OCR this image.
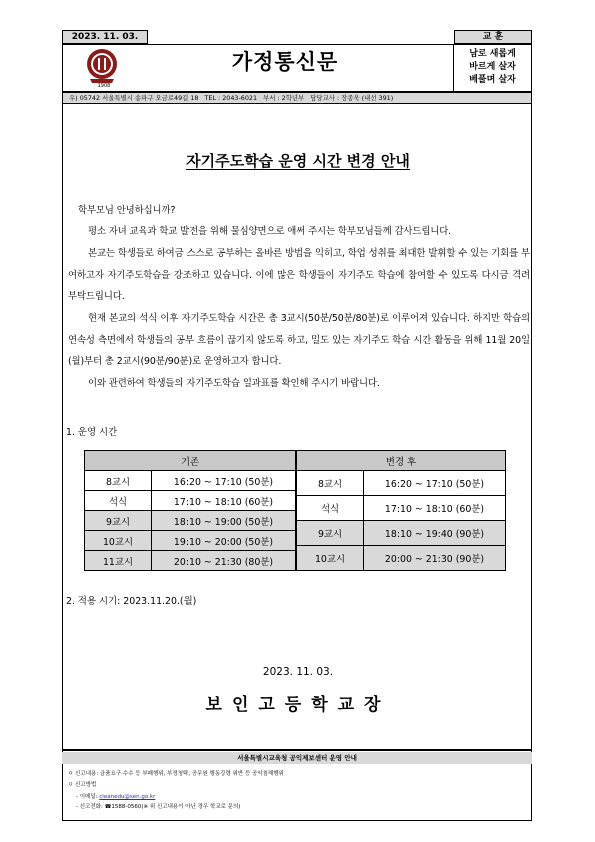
2023. 11. 03.
1908
가정통신문
교 훈
남로 새롭게
바르게 살자
베풀며 살자
우) 05742 서울특별시 송파구 오금로49길 18 TEL : 2043-6021 부서 : 2학년부 담당교사 : 장종욱 (내선 391)
자기주도학습 운영 시간 변경 안내
학부모님 안녕하십니까?
평소 자녀 교육과 학교 발전을 위해 물심양면으로 애써 주시는 학부모님들께 감사드립니다.
본교는 학생들로 하여금 스스로 공부하는 올바른 방법을 익히고, 학업 성취를 최대한 발휘할 수 있는 기회를 부여하고자 자기주도학습을 강조하고 있습니다. 이에 많은 학생들이 자기주도 학습에 참여할 수 있도록 다시금 격려 부탁드립니다.
현재 본교의 석식 이후 자기주도학습 시간은 총 3교시(50분/50분/80분)로 이루어져 있습니다. 하지만 학습의 연속성 측면에서 학생들의 공부 흐름이 끊기지 않도록 하고, 밀도 있는 자기주도 학습 시간 활동을 위해 11월 20일(월)부터 총 2교시(90분/90분)로 운영하고자 합니다.
이와 관련하여 학생들의 자기주도학습 일과표를 확인해 주시기 바랍니다.
1. 운영 시간
기존	
8교시	16:20 ~ 17:10 (50분)
석식	17:10 ~ 18:10 (60분)
9교시	18:10 ~ 19:00 (50분)
10교시	19:10 ~ 20:00 (50분)
11교시	20:10 ~ 21:30 (80분)
변경 후	
8교시	16:20 ~ 17:10 (50분)
석식	17:10 ~ 18:10 (60분)
9교시	18:10 ~ 19:40 (90분)
10교시	20:00 ~ 21:30 (90분)
2. 적용 시기: 2023.11.20.(월)
2023. 11. 03.
보인고등학교장
서울특별시교육청 공익제보센터 운영 안내
ㅇ 신고내용: 금품요구·수수 등 부패행위, 부정청탁, 공무원 행동강령 위반 등 공익침해행위
ㅇ 신고방법
- 이메일: cleanedu@sen.go.kr
- 신고전화: ☎1588-0560(※ 위 신고내용이 아닌 경우 학교로 문의)
